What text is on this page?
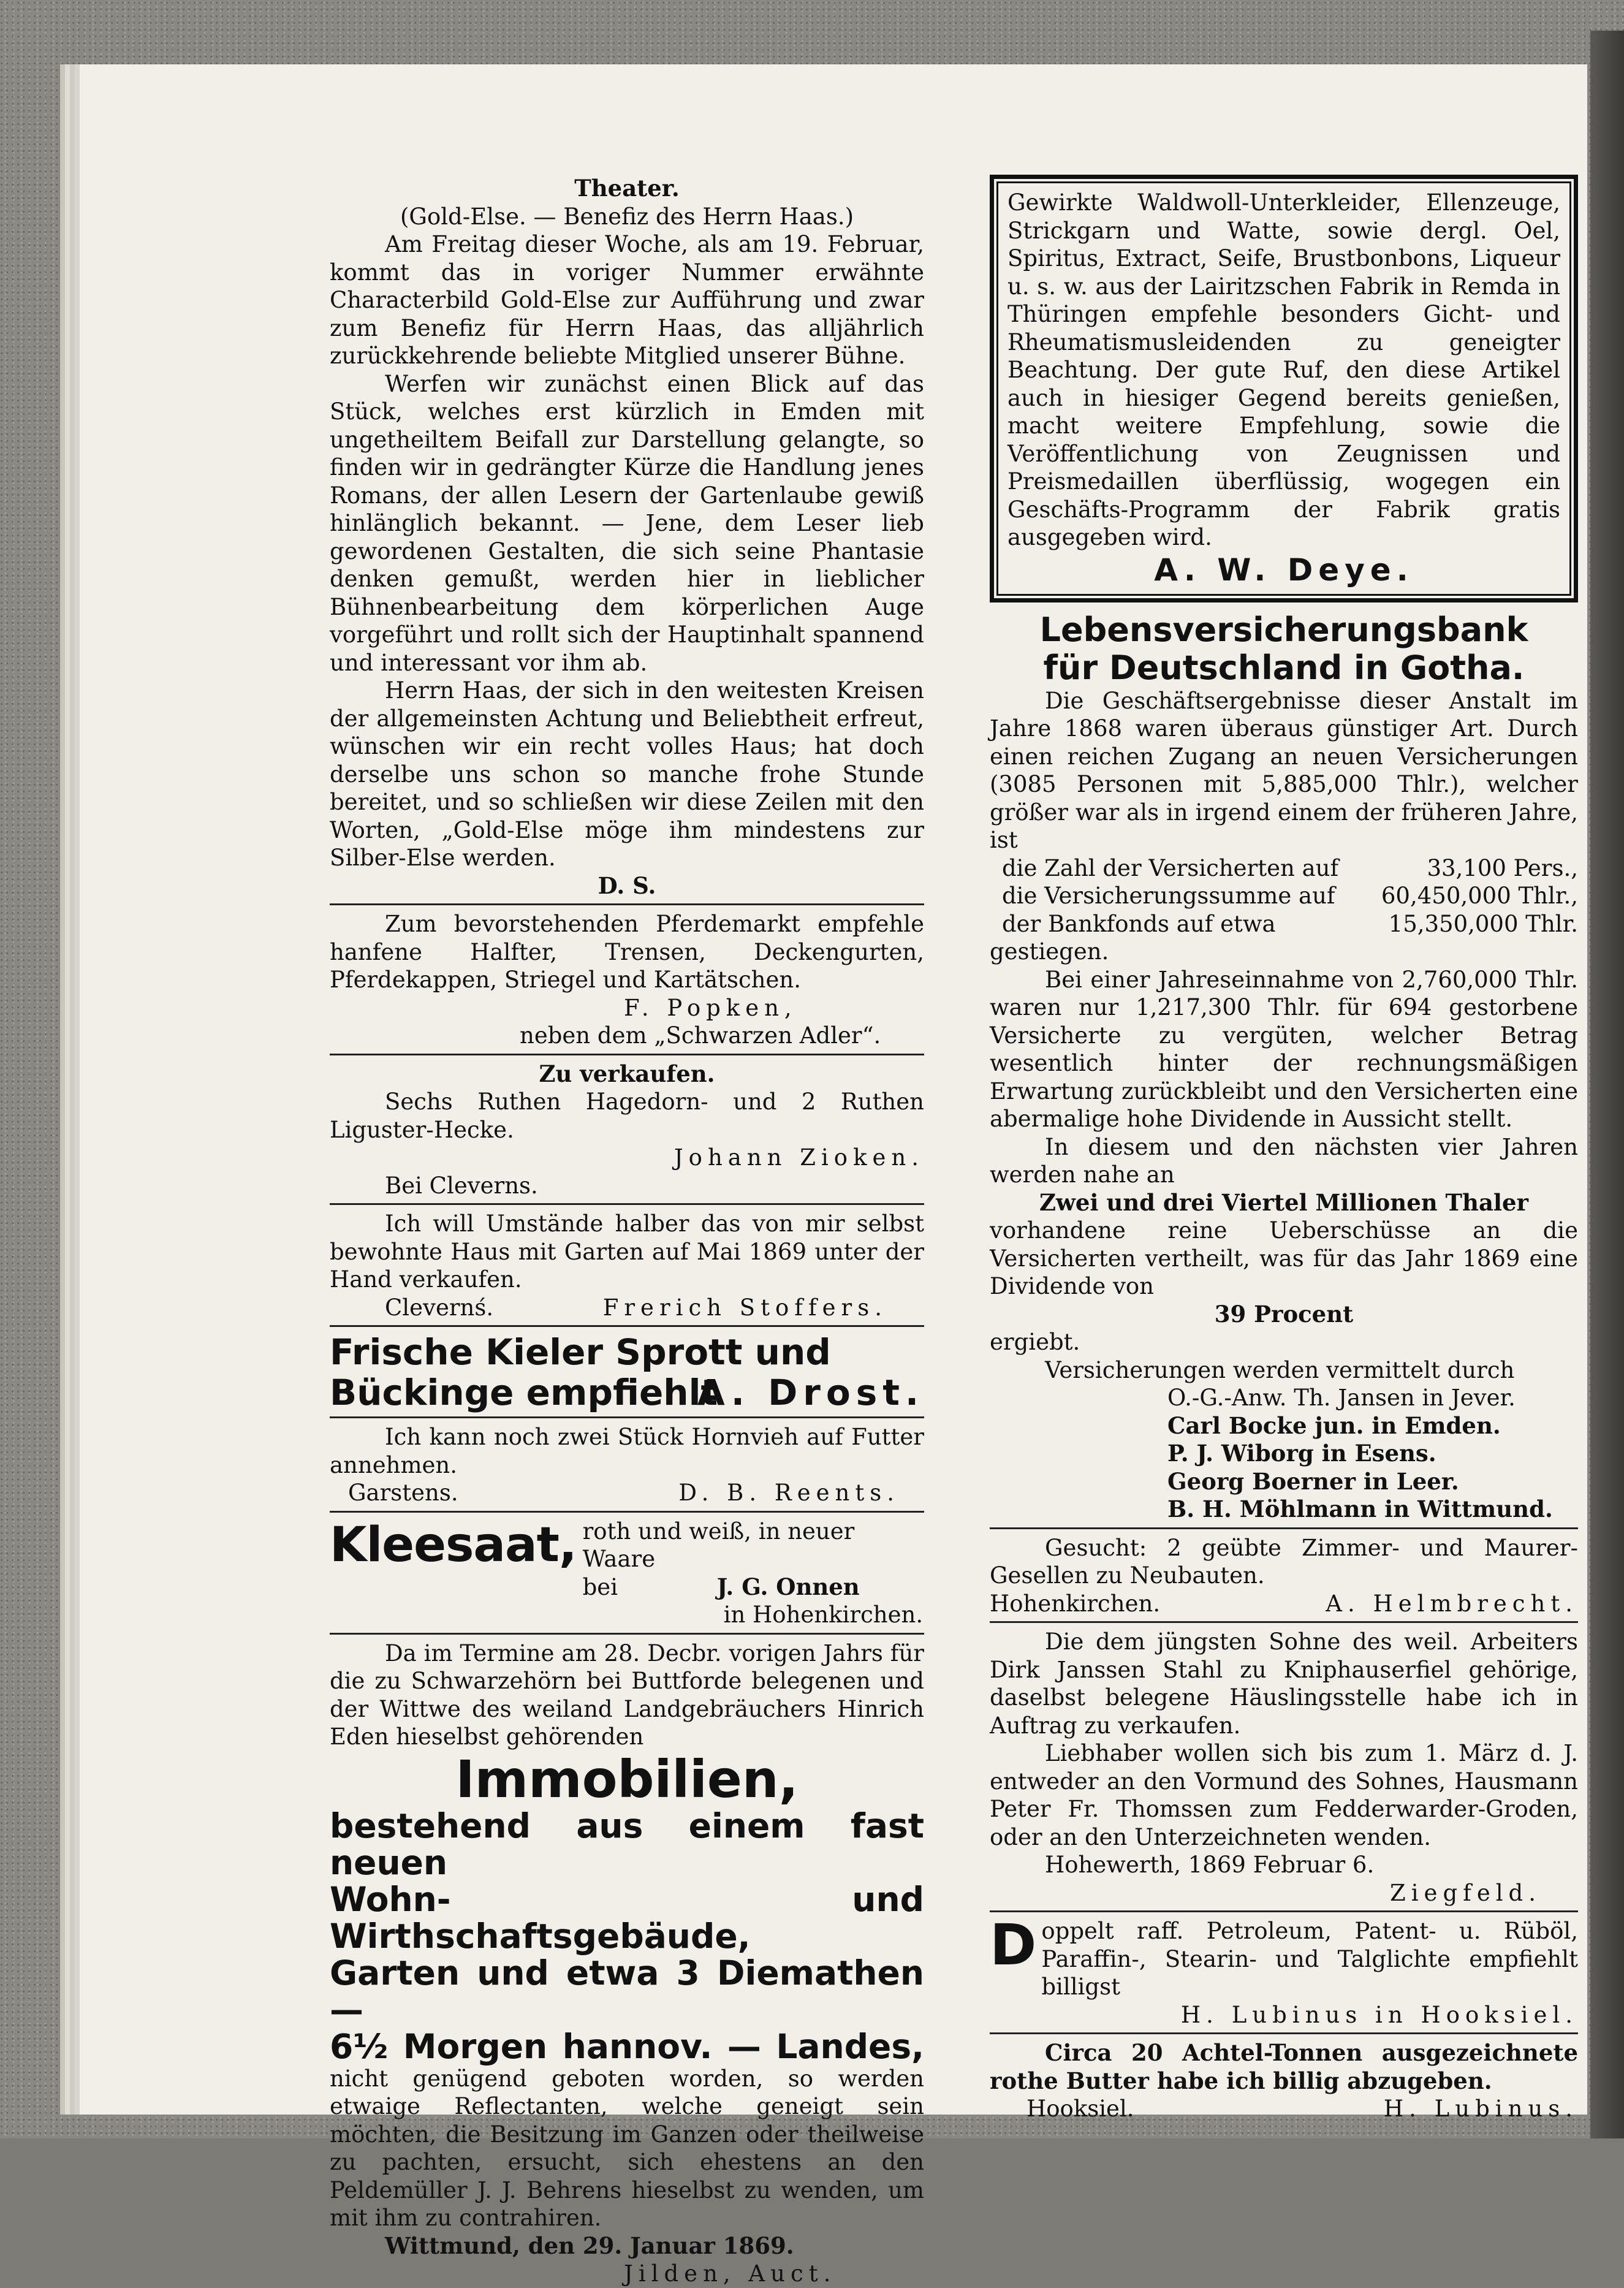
Theater.

(Gold-Else. — Benefiz des Herrn Haas.)

Am Freitag dieser Woche, als am 19. Februar, kommt das in voriger Nummer erwähnte Characterbild Gold-Else zur Aufführung und zwar zum Benefiz für Herrn Haas, das alljährlich zurückkehrende beliebte Mitglied unserer Bühne.

Werfen wir zunächst einen Blick auf das Stück, welches erst kürzlich in Emden mit ungetheiltem Beifall zur Darstellung gelangte, so finden wir in gedrängter Kürze die Handlung jenes Romans, der allen Lesern der Gartenlaube gewiß hinlänglich bekannt. — Jene, dem Leser lieb gewordenen Gestalten, die sich seine Phantasie denken gemußt, werden hier in lieblicher Bühnenbearbeitung dem körperlichen Auge vorgeführt und rollt sich der Hauptinhalt spannend und interessant vor ihm ab.

Herrn Haas, der sich in den weitesten Kreisen der allgemeinsten Achtung und Beliebtheit erfreut, wünschen wir ein recht volles Haus; hat doch derselbe uns schon so manche frohe Stunde bereitet, und so schließen wir diese Zeilen mit den Worten, „Gold-Else möge ihm mindestens zur Silber-Else werden.

D. S.

Zum bevorstehenden Pferdemarkt empfehle hanfene Halfter, Trensen, Deckengurten, Pferdekappen, Striegel und Kartätschen.

F. Popken,

neben dem „Schwarzen Adler“.

Zu verkaufen.

Sechs Ruthen Hagedorn- und 2 Ruthen Liguster-Hecke.

Johann Zioken.

Bei Cleverns.

Ich will Umstände halber das von mir selbst bewohnte Haus mit Garten auf Mai 1869 unter der Hand verkaufen.

Clevernś.	Frerich Stoffers.

Frische Kieler Sprott und Bückinge empfiehlt

A. Drost.

Ich kann noch zwei Stück Hornvieh auf Futter annehmen.

Garstens.	D. B. Reents.
Kleesaat, roth und weiß, in neuer Waare

bei	J. G. Onnen

in Hohenkirchen.

Da im Termine am 28. Decbr. vorigen Jahrs für die zu Schwarzehörn bei Buttforde belegenen und der Wittwe des weiland Landgebräuchers Hinrich Eden hieselbst gehörenden

Immobilien,

bestehend aus einem fast neuen

Wohn- und Wirthschaftsgebäude,

Garten und etwa 3 Diemathen —

6½ Morgen hannov. — Landes,

nicht genügend geboten worden, so werden etwaige Reflectanten, welche geneigt sein möchten, die Besitzung im Ganzen oder theilweise zu pachten, ersucht, sich ehestens an den Peldemüller J. J. Behrens hieselbst zu wenden, um mit ihm zu contrahiren.

Wittmund, den 29. Januar 1869.

Jilden, Auct.

Gewirkte Waldwoll-Unterkleider, Ellenzeuge, Strickgarn und Watte, sowie dergl. Oel, Spiritus, Extract, Seife, Brustbonbons, Liqueur u. s. w. aus der Lairitzschen Fabrik in Remda in Thüringen empfehle besonders Gicht- und Rheumatismusleidenden zu geneigter Beachtung. Der gute Ruf, den diese Artikel auch in hiesiger Gegend bereits genießen, macht weitere Empfehlung, sowie die Veröffentlichung von Zeugnissen und Preismedaillen überflüssig, wogegen ein Geschäfts-Programm der Fabrik gratis ausgegeben wird.

A. W. Deye.

Lebensversicherungsbank

für Deutschland in Gotha.

Die Geschäftsergebnisse dieser Anstalt im Jahre 1868 waren überaus günstiger Art. Durch einen reichen Zugang an neuen Versicherungen (3085 Personen mit 5,885,000 Thlr.), welcher größer war als in irgend einem der früheren Jahre, ist

die Zahl der Versicherten auf	33,100 Pers.,
die Versicherungssumme auf 60,450,000 Thlr.,
der Bankfonds auf etwa	15,350,000 Thlr.

gestiegen.

Bei einer Jahreseinnahme von 2,760,000 Thlr. waren nur 1,217,300 Thlr. für 694 gestorbene Versicherte zu vergüten, welcher Betrag wesentlich hinter der rechnungsmäßigen Erwartung zurückbleibt und den Versicherten eine abermalige hohe Dividende in Aussicht stellt.

In diesem und den nächsten vier Jahren werden nahe an

Zwei und drei Viertel Millionen Thaler

vorhandene reine Ueberschüsse an die Versicherten vertheilt, was für das Jahr 1869 eine Dividende von

39 Procent

ergiebt.

Versicherungen werden vermittelt durch

O.-G.-Anw. Th. Jansen in Jever.

Carl Bocke jun. in Emden.

P. J. Wiborg in Esens.

Georg Boerner in Leer.

B. H. Möhlmann in Wittmund.

Gesucht: 2 geübte Zimmer- und Maurer-Gesellen zu Neubauten.

Hohenkirchen.	A. Helmbrecht.

Die dem jüngsten Sohne des weil. Arbeiters Dirk Janssen Stahl zu Kniphauserfiel gehörige, daselbst belegene Häuslingsstelle habe ich in Auftrag zu verkaufen.

Liebhaber wollen sich bis zum 1. März d. J. entweder an den Vormund des Sohnes, Hausmann Peter Fr. Thomssen zum Fedderwarder-Groden, oder an den Unterzeichneten wenden.

Hohewerth, 1869 Februar 6.

Ziegfeld.

D oppelt raff. Petroleum, Patent- u. Rüböl, Paraffin-, Stearin- und Talglichte empfiehlt billigst

H. Lubinus in Hooksiel.

Circa 20 Achtel-Tonnen ausgezeichnete rothe Butter habe ich billig abzugeben.

Hooksiel.	H. Lubinus.
